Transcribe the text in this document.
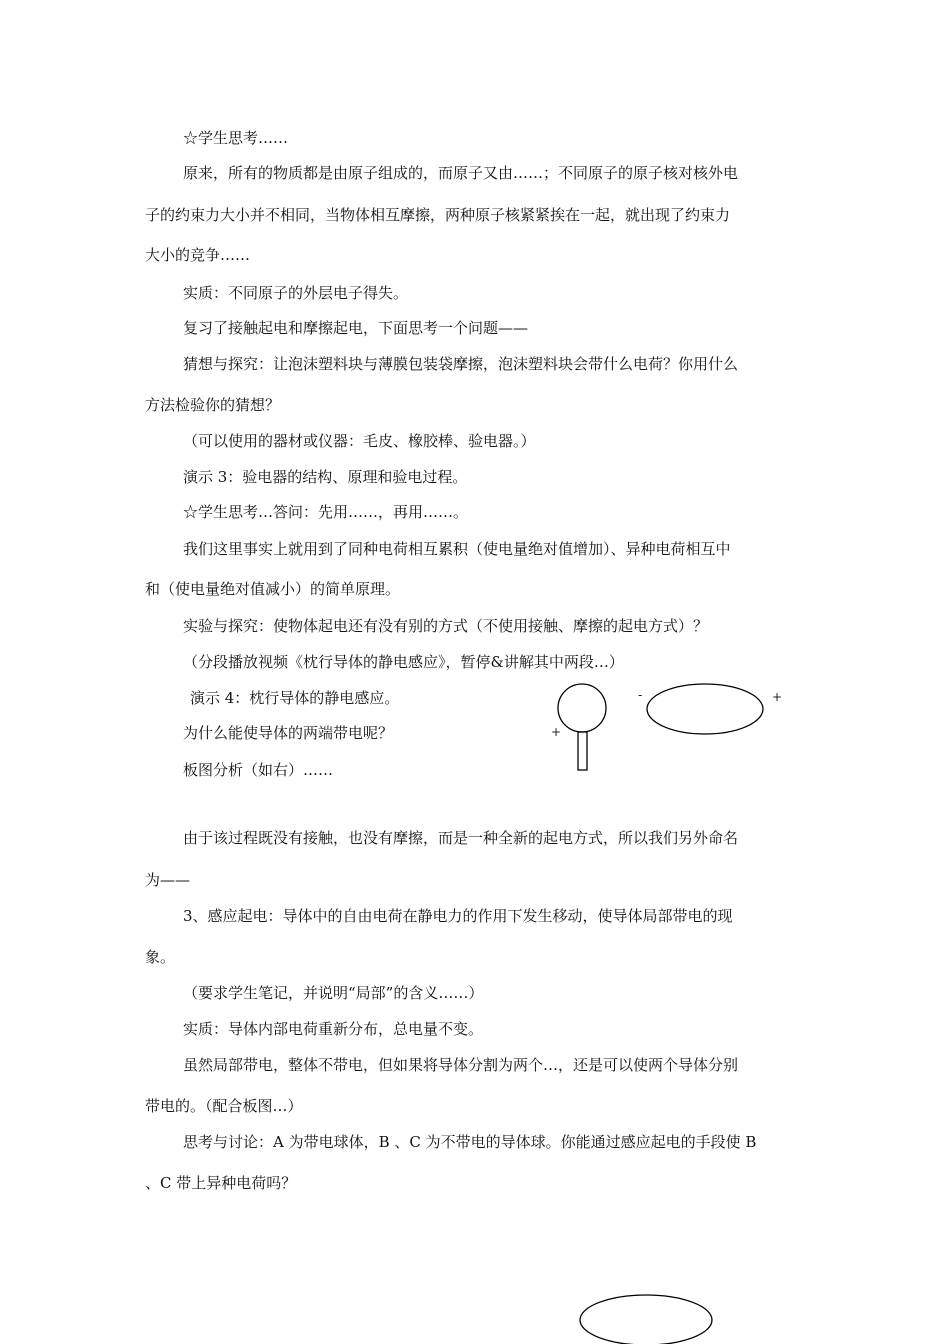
☆学生思考……

原来，所有的物质都是由原子组成的，而原子又由……；不同原子的原子核对核外电

子的约束力大小并不相同，当物体相互摩擦，两种原子核紧紧挨在一起，就出现了约束力

大小的竞争……

实质：不同原子的外层电子得失。

复习了接触起电和摩擦起电，下面思考一个问题——

猜想与探究：让泡沫塑料块与薄膜包装袋摩擦，泡沫塑料块会带什么电荷？你用什么

方法检验你的猜想？

（可以使用的器材或仪器：毛皮、橡胶棒、验电器。）

演示 3：验电器的结构、原理和验电过程。

☆学生思考…答问：先用……，再用……。

我们这里事实上就用到了同种电荷相互累积（使电量绝对值增加）、异种电荷相互中

和（使电量绝对值减小）的简单原理。

实验与探究：使物体起电还有没有别的方式（不使用接触、摩擦的起电方式）？

（分段播放视频《枕行导体的静电感应》，暂停&讲解其中两段…）

演示 4：枕行导体的静电感应。

为什么能使导体的两端带电呢？

板图分析（如右）……

+
-	+

由于该过程既没有接触，也没有摩擦，而是一种全新的起电方式，所以我们另外命名

为——

3、感应起电：导体中的自由电荷在静电力的作用下发生移动，使导体局部带电的现

象。

（要求学生笔记，并说明“局部”的含义……）

实质：导体内部电荷重新分布，总电量不变。

虽然局部带电，整体不带电，但如果将导体分割为两个…，还是可以使两个导体分别

带电的。（配合板图…）

思考与讨论：A 为带电球体，B 、C 为不带电的导体球。你能通过感应起电的手段使 B

、C 带上异种电荷吗？
